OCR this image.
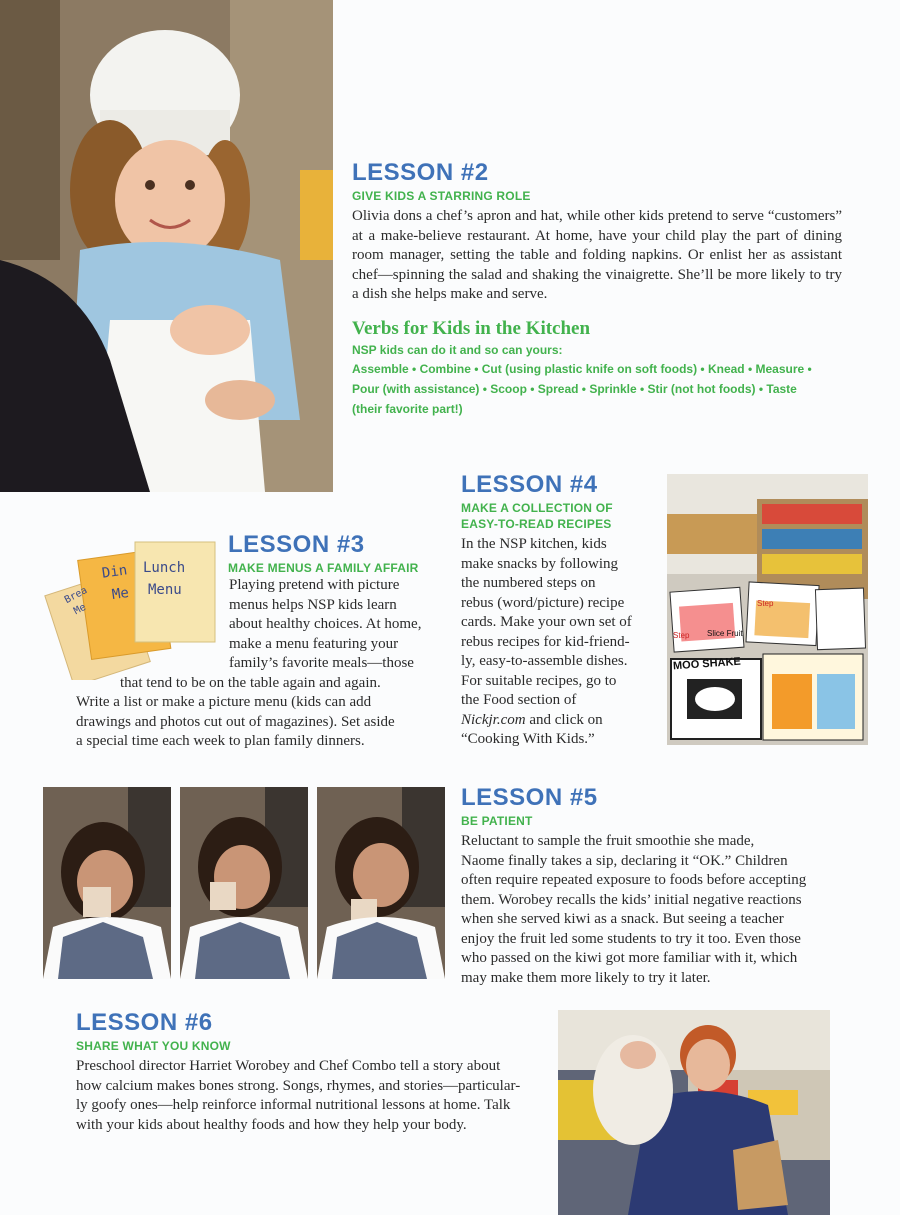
LESSON #2
GIVE KIDS A STARRING ROLE

Olivia dons a chef’s apron and hat, while other kids pretend to serve “customers” at a make-believe restaurant. At home, have your child play the part of dining room manager, setting the table and folding napkins. Or enlist her as assistant chef—spinning the salad and shaking the vinaigrette. She’ll be more likely to try a dish she helps make and serve.

Verbs for Kids in the Kitchen
NSP kids can do it and so can yours:

Assemble • Combine • Cut (using plastic knife on soft foods) • Knead • Measure • Pour (with assistance) • Scoop • Spread • Sprinkle • Stir (not hot foods) • Taste (their favorite part!)

Lunch
Menu
Din
Me
Brea
Me
LESSON #3
MAKE MENUS A FAMILY AFFAIR

Playing pretend with picture

menus helps NSP kids learn

about healthy choices. At home,

make a menu featuring your

family’s favorite meals—those

that tend to be on the table again and again.

Write a list or make a picture menu (kids can add

drawings and photos cut out of magazines). Set aside

a special time each week to plan family dinners.

LESSON #4
MAKE A COLLECTION OF
EASY-TO-READ RECIPES

In the NSP kitchen, kids

make snacks by following

the numbered steps on

rebus (word/picture) recipe

cards. Make your own set of

rebus recipes for kid-friend-

ly, easy-to-assemble dishes.

For suitable recipes, go to

the Food section of

Nickjr.com and click on

“Cooking With Kids.”

MOO SHAKE
Slice Fruit
Step
Step
LESSON #5
BE PATIENT

Reluctant to sample the fruit smoothie she made,

Naome finally takes a sip, declaring it “OK.” Children

often require repeated exposure to foods before accepting

them. Worobey recalls the kids’ initial negative reactions

when she served kiwi as a snack. But seeing a teacher

enjoy the fruit led some students to try it too. Even those

who passed on the kiwi got more familiar with it, which

may make them more likely to try it later.

LESSON #6
SHARE WHAT YOU KNOW

Preschool director Harriet Worobey and Chef Combo tell a story about

how calcium makes bones strong. Songs, rhymes, and stories—particular-

ly goofy ones—help reinforce informal nutritional lessons at home. Talk

with your kids about healthy foods and how they help your body.
